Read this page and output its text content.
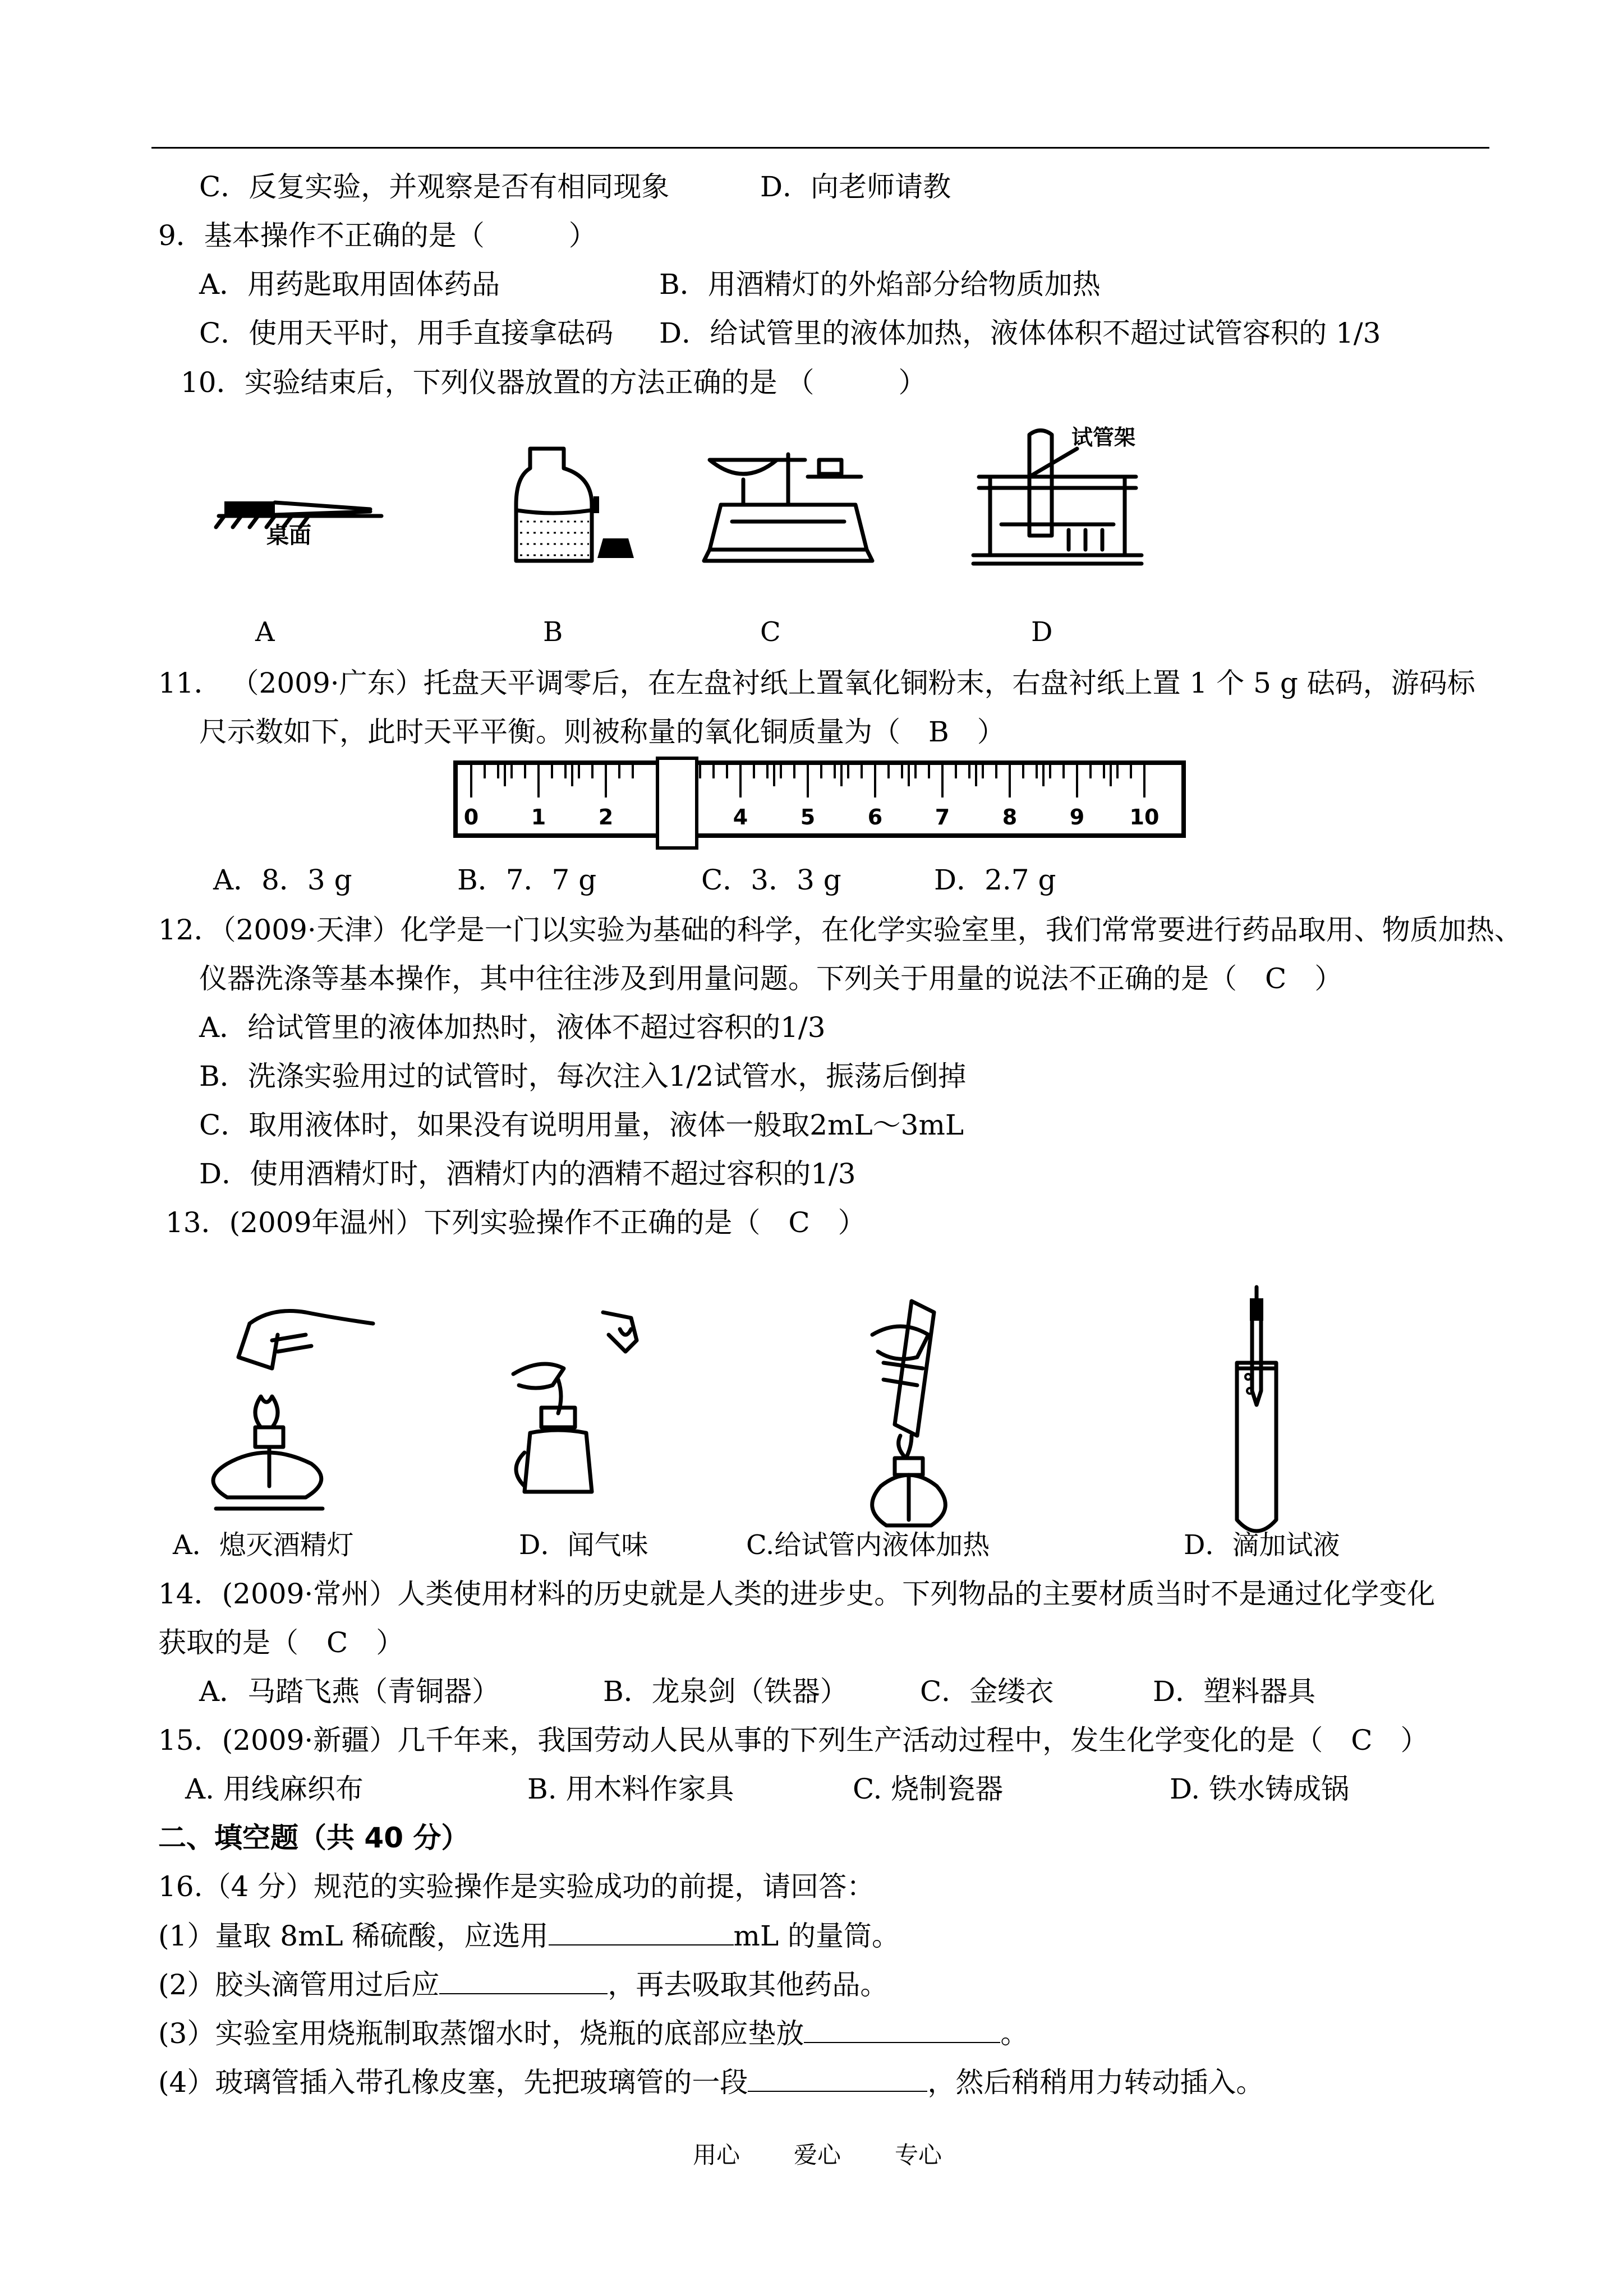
C．反复实验，并观察是否有相同现象	D．向老师请教
9．基本操作不正确的是（　　　）
A．用药匙取用固体药品	B．用酒精灯的外焰部分给物质加热
C．使用天平时，用手直接拿砝码 D．给试管里的液体加热，液体体积不超过试管容积的 1/3
10．实验结束后，下列仪器放置的方法正确的是 （　　　）
桌面
试管架
A	B	C	D
11． （2009·广东）托盘天平调零后，在左盘衬纸上置氧化铜粉末，右盘衬纸上置 1 个 5 g 砝码，游码标
尺示数如下，此时天平平衡。则被称量的氧化铜质量为（　B　）
0 1 2	4 5 6 7 8 9 10
A．8．3 g	B．7．7 g	C．3．3 g	D．2.7 g
12．（2009·天津）化学是一门以实验为基础的科学，在化学实验室里，我们常常要进行药品取用、物质加热、
仪器洗涤等基本操作，其中往往涉及到用量问题。下列关于用量的说法不正确的是（　C　）
A．给试管里的液体加热时，液体不超过容积的1/3
B．洗涤实验用过的试管时，每次注入1/2试管水，振荡后倒掉
C．取用液体时，如果没有说明用量，液体一般取2mL～3mL
D．使用酒精灯时，酒精灯内的酒精不超过容积的1/3
13．(2009年温州）下列实验操作不正确的是（　C　）
A．熄灭酒精灯	D．闻气味	C.给试管内液体加热	D．滴加试液
14．(2009·常州）人类使用材料的历史就是人类的进步史。下列物品的主要材质当时不是通过化学变化
获取的是（　C　）
A．马踏飞燕（青铜器）	B．龙泉剑（铁器）	C．金缕衣	D．塑料器具
15．(2009·新疆）几千年来，我国劳动人民从事的下列生产活动过程中，发生化学变化的是（　C　）
A. 用线麻织布	B. 用木料作家具	C. 烧制瓷器	D. 铁水铸成锅
二、填空题（共 40 分）
16.（4 分）规范的实验操作是实验成功的前提，请回答：
(1）量取 8mL 稀硫酸，应选用	mL 的量筒。
(2）胶头滴管用过后应	，再去吸取其他药品。
(3）实验室用烧瓶制取蒸馏水时，烧瓶的底部应垫放	。
(4）玻璃管插入带孔橡皮塞，先把玻璃管的一段	，然后稍稍用力转动插入。
用心 爱心 专心
